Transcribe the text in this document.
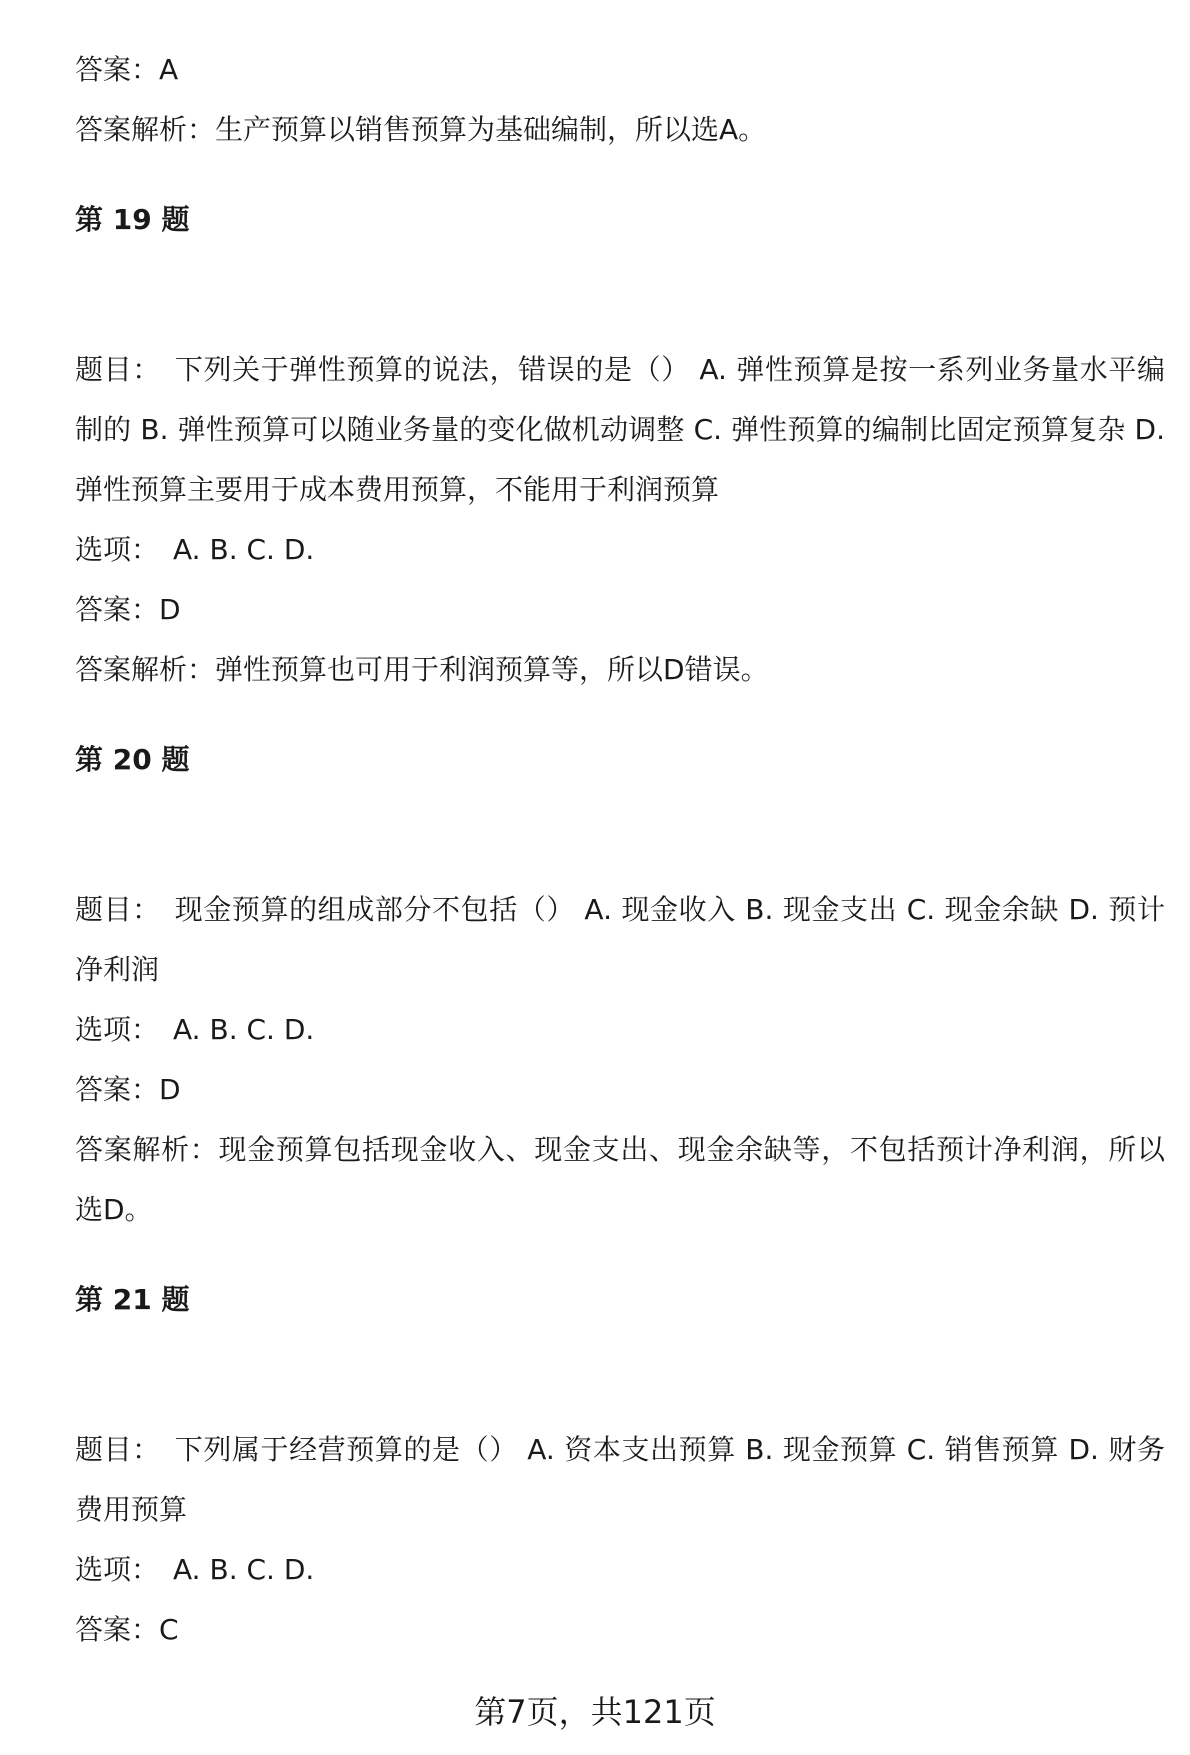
答案：A

答案解析：生产预算以销售预算为基础编制，所以选A。

第 19 题

题目： 下列关于弹性预算的说法，错误的是（） A. 弹性预算是按一系列业务量水平编制的 B. 弹性预算可以随业务量的变化做机动调整 C. 弹性预算的编制比固定预算复杂 D. 弹性预算主要用于成本费用预算，不能用于利润预算

选项： A. B. C. D.

答案：D

答案解析：弹性预算也可用于利润预算等，所以D错误。

第 20 题

题目： 现金预算的组成部分不包括（） A. 现金收入 B. 现金支出 C. 现金余缺 D. 预计净利润

选项： A. B. C. D.

答案：D

答案解析：现金预算包括现金收入、现金支出、现金余缺等，不包括预计净利润，所以选D。

第 21 题

题目： 下列属于经营预算的是（） A. 资本支出预算 B. 现金预算 C. 销售预算 D. 财务费用预算

选项： A. B. C. D.

答案：C

第7页，共121页
